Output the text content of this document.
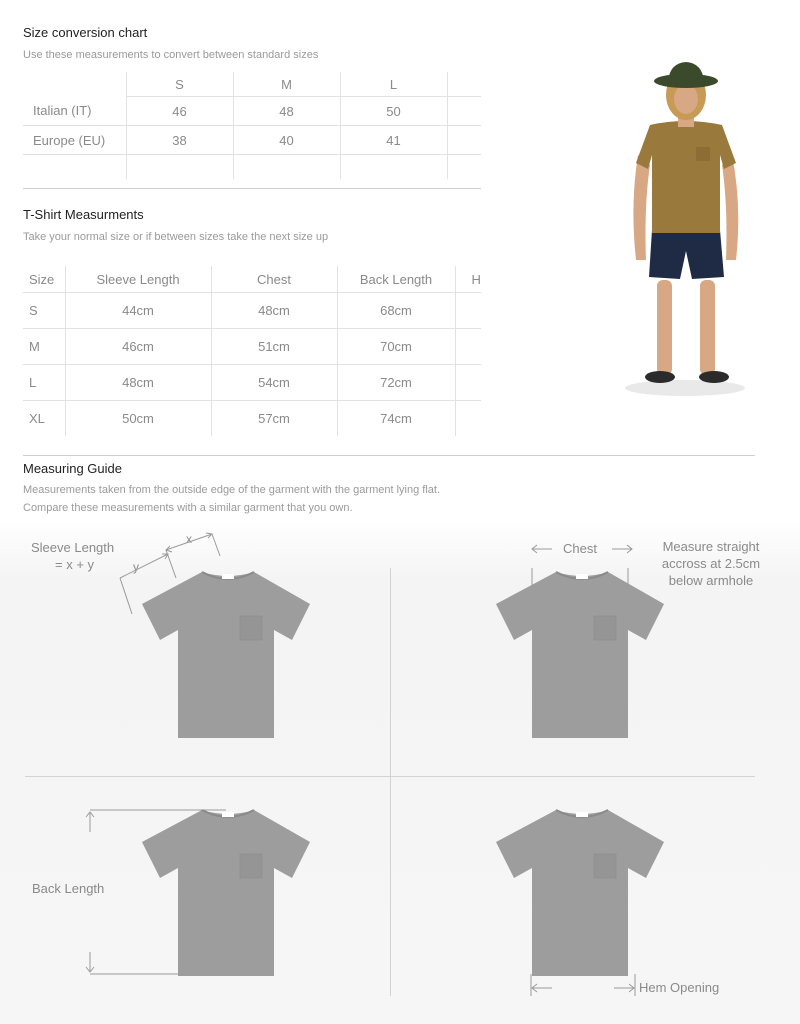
Size conversion chart
Use these measurements to convert between standard sizes
	S	M	L	
Italian (IT)	46	48	50	
Europe (EU)	38	40	41	

T-Shirt Measurments
Take your normal size or if between sizes take the next size up
Size	Sleeve Length	Chest	Back Length	H
S	44cm	48cm	68cm	
M	46cm	51cm	70cm	
L	48cm	54cm	72cm	
XL	50cm	57cm	74cm	
Measuring Guide
Measurements taken from the outside edge of the garment with the garment lying flat.
Compare these measurements with a similar garment that you own.
Sleeve Length
= x + y
x
y
Chest	Measure straight
accross at 2.5cm
below armhole
Back Length
Hem Opening
